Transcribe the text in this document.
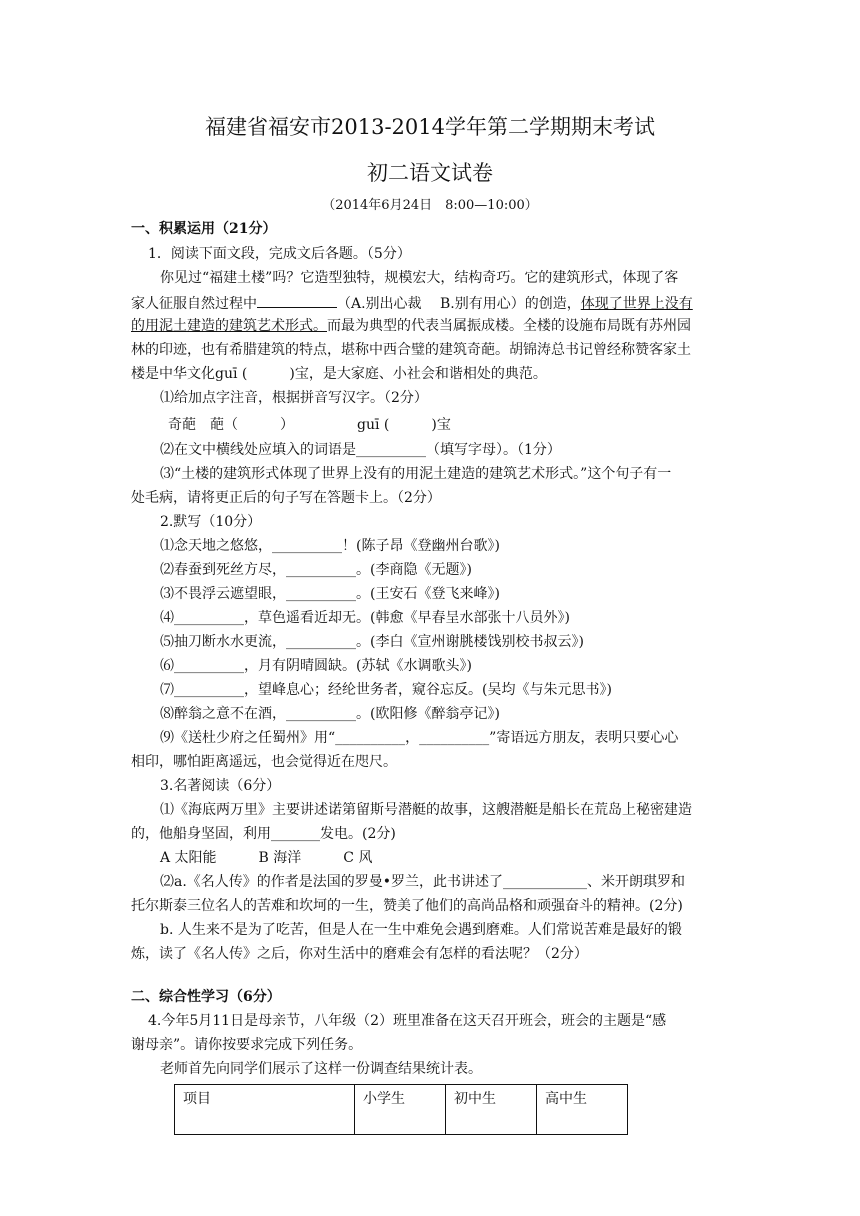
福建省福安市2013-2014学年第二学期期末考试
初二语文试卷
（2014年6月24日　8:00—10:00）
一、积累运用（21分）
1．阅读下面文段，完成文后各题。（5分）
你见过“福建土楼”吗？它造型独特，规模宏大，结构奇巧。它的建筑形式，体现了客
家人征服自然过程中	（A.别出心裁　 B.别有用心）的创造，体现了世界上没有
的用泥土建造的建筑艺术形式。而最为典型的代表当属振成楼。全楼的设施布局既有苏州园
林的印迹，也有希腊建筑的特点，堪称中西合璧的建筑奇葩。胡锦涛总书记曾经称赞客家土
楼是中华文化guī (　　　)宝，是大家庭、小社会和谐相处的典范。
⑴给加点字注音，根据拼音写汉字。（2分）
奇葩　葩（　　　）	guī (　　　)宝
⑵在文中横线处应填入的词语是__________（填写字母）。（1分）
⑶“土楼的建筑形式体现了世界上没有的用泥土建造的建筑艺术形式。”这个句子有一
处毛病，请将更正后的句子写在答题卡上。（2分）
2.默写（10分）
⑴念天地之悠悠，__________！(陈子昂《登幽州台歌》)
⑵春蚕到死丝方尽，__________。(李商隐《无题》)
⑶不畏浮云遮望眼，__________。(王安石《登飞来峰》)
⑷__________，草色遥看近却无。(韩愈《早春呈水部张十八员外》)
⑸抽刀断水水更流，__________。(李白《宣州谢朓楼饯别校书叔云》)
⑹__________，月有阴晴圆缺。(苏轼《水调歌头》)
⑺__________，望峰息心；经纶世务者，窥谷忘反。(吴均《与朱元思书》)
⑻醉翁之意不在酒，__________。(欧阳修《醉翁亭记》)
⑼《送杜少府之任蜀州》用“__________，__________”寄语远方朋友，表明只要心心
相印，哪怕距离遥远，也会觉得近在咫尺。
3.名著阅读（6分）
⑴《海底两万里》主要讲述诺第留斯号潜艇的故事，这艘潜艇是船长在荒岛上秘密建造
的，他船身坚固，利用_______发电。(2分)
A 太阳能　　　B 海洋　　　C 风
⑵a.《名人传》的作者是法国的罗曼•罗兰，此书讲述了____________、米开朗琪罗和
托尔斯泰三位名人的苦难和坎坷的一生，赞美了他们的高尚品格和顽强奋斗的精神。(2分)
b. 人生来不是为了吃苦，但是人在一生中难免会遇到磨难。人们常说苦难是最好的锻
炼，读了《名人传》之后，你对生活中的磨难会有怎样的看法呢？（2分）
二、综合性学习（6分）
4.今年5月11日是母亲节，八年级（2）班里准备在这天召开班会，班会的主题是“感
谢母亲”。请你按要求完成下列任务。
老师首先向同学们展示了这样一份调查结果统计表。
项目	小学生	初中生	高中生
